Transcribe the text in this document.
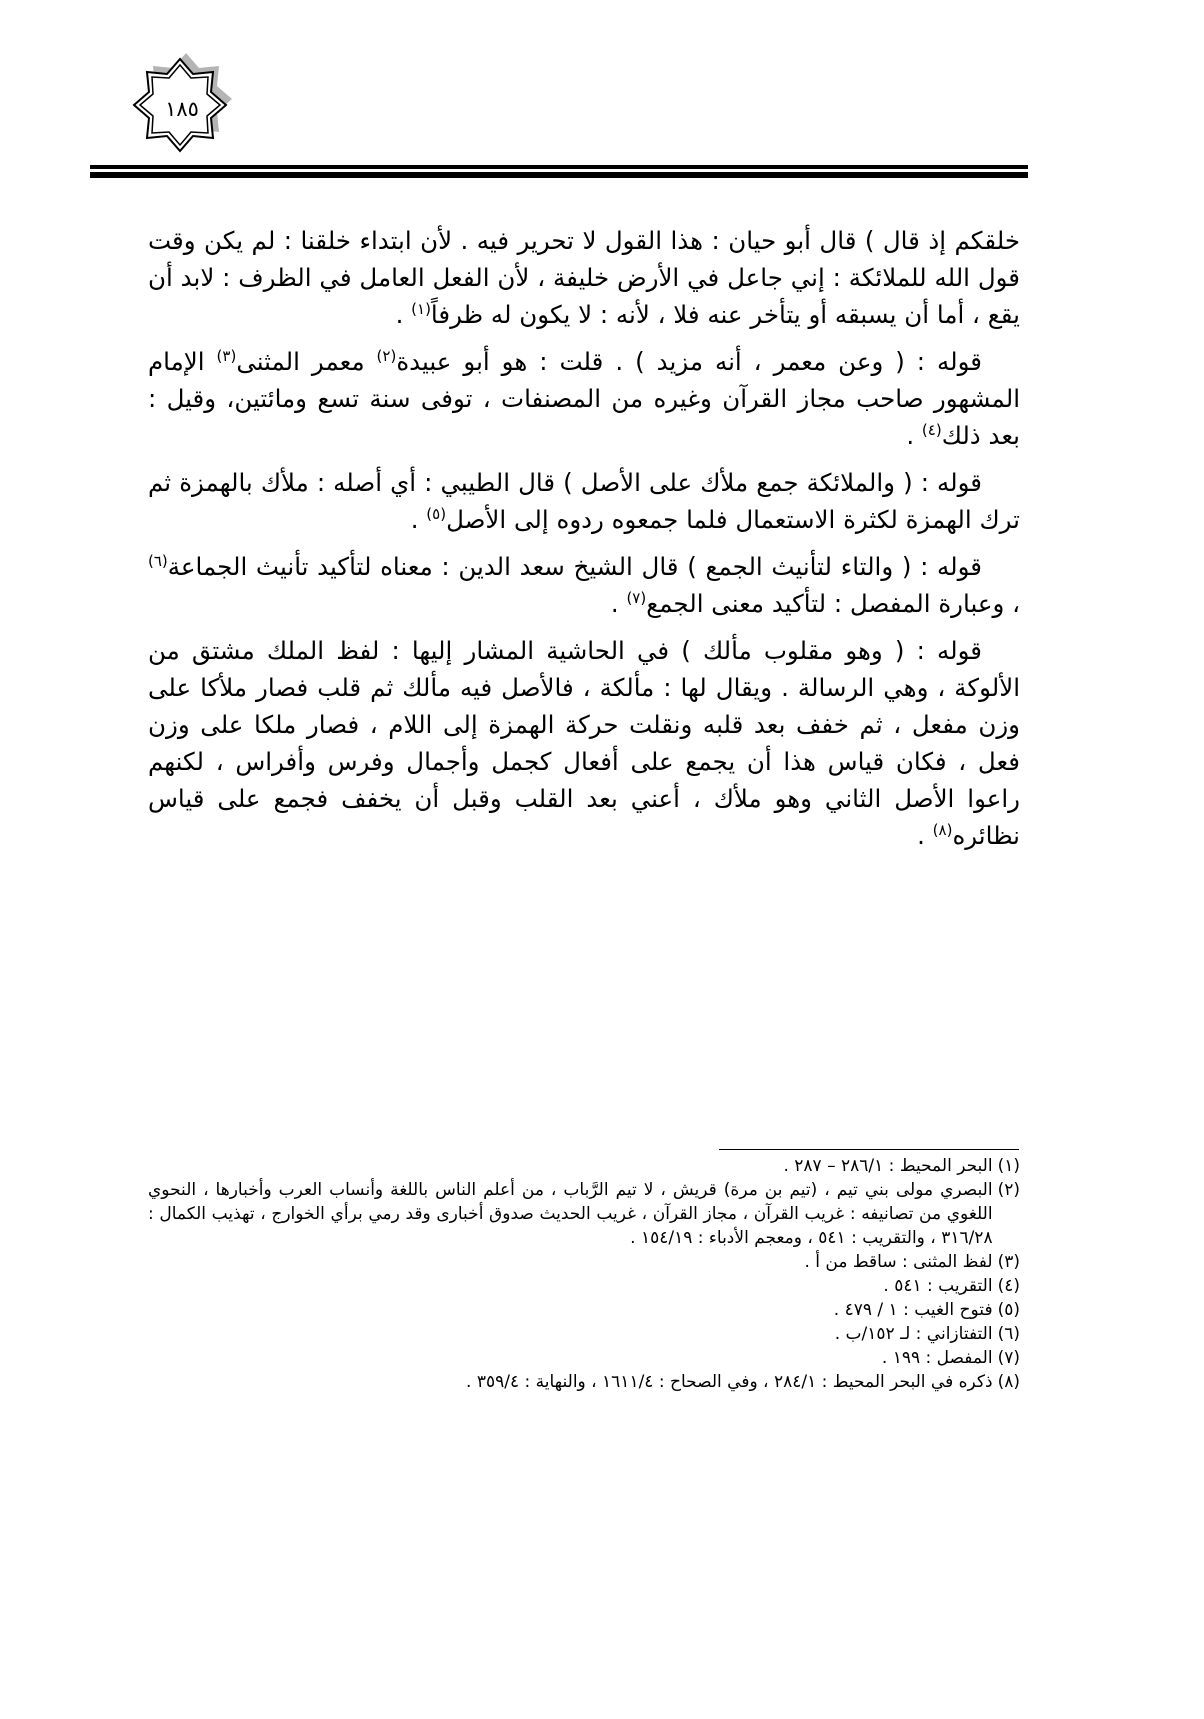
١٨٥

خلقكم إذ قال ) قال أبو حيان : هذا القول لا تحرير فيه . لأن ابتداء خلقنا : لم يكن وقت قول الله للملائكة : إني جاعل في الأرض خليفة ، لأن الفعل العامل في الظرف : لابد أن يقع ، أما أن يسبقه أو يتأخر عنه فلا ، لأنه : لا يكون له ظرفاً$^{(١)}$ .

قوله : ( وعن معمر ، أنه مزيد ) . قلت : هو أبو عبيدة$^{(٢)}$ معمر المثنى$^{(٣)}$ الإمام المشهور صاحب مجاز القرآن وغيره من المصنفات ، توفى سنة تسع ومائتين، وقيل : بعد ذلك$^{(٤)}$ .

قوله : ( والملائكة جمع ملأك على الأصل ) قال الطيبي : أي أصله : ملأك بالهمزة ثم ترك الهمزة لكثرة الاستعمال فلما جمعوه ردوه إلى الأصل$^{(٥)}$ .

قوله : ( والتاء لتأنيث الجمع ) قال الشيخ سعد الدين : معناه لتأكيد تأنيث الجماعة$^{(٦)}$ ، وعبارة المفصل : لتأكيد معنى الجمع$^{(٧)}$ .

قوله : ( وهو مقلوب مألك ) في الحاشية المشار إليها : لفظ الملك مشتق من الألوكة ، وهي الرسالة . ويقال لها : مألكة ، فالأصل فيه مألك ثم قلب فصار ملأكا على وزن مفعل ، ثم خفف بعد قلبه ونقلت حركة الهمزة إلى اللام ، فصار ملكا على وزن فعل ، فكان قياس هذا أن يجمع على أفعال كجمل وأجمال وفرس وأفراس ، لكنهم راعوا الأصل الثاني وهو ملأك ، أعني بعد القلب وقبل أن يخفف فجمع على قياس نظائره$^{(٨)}$ .

(١)
البحر المحيط : ٢٨٦/١ – ٢٨٧ .
(٢)
البصري مولى بني تيم ، (تيم بن مرة) قريش ، لا تيم الرَّباب ، من أعلم الناس باللغة وأنساب العرب وأخبارها ، النحوي اللغوي من تصانيفه : غريب القرآن ، مجاز القرآن ، غريب الحديث صدوق أخبارى وقد رمي برأي الخوارج ، تهذيب الكمال : ٣١٦/٢٨ ، والتقريب : ٥٤١ ، ومعجم الأدباء : ١٥٤/١٩ .
(٣)
لفظ المثنى : ساقط من أ .
(٤)
التقريب : ٥٤١ .
(٥)
فتوح الغيب : ١ / ٤٧٩ .
(٦)
التفتازاني : لـ ١٥٢/ب .
(٧)
المفصل : ١٩٩ .
(٨)
ذكره في البحر المحيط : ٢٨٤/١ ، وفي الصحاح : ١٦١١/٤ ، والنهاية : ٣٥٩/٤ .
